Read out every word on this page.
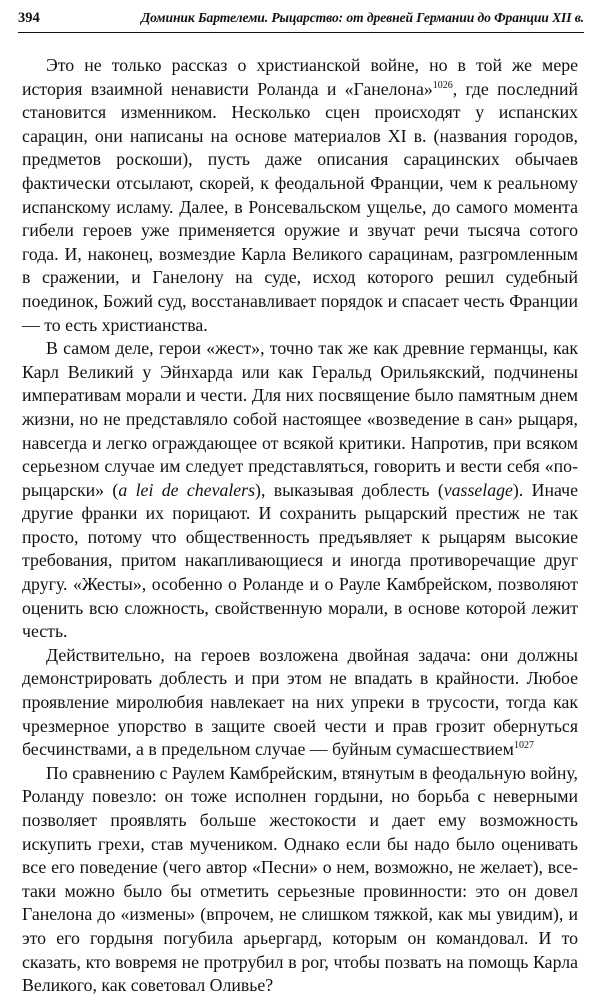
394	Доминик Бартелеми. Рыцарство: от древней Германии до Франции XII в.

Это не только рассказ о христианской войне, но в той же мере история взаимной ненависти Роланда и «Ганелона»$^{1026}$, где последний становится изменником. Несколько сцен происходят у испанских сарацин, они написаны на основе материалов XI в. (названия городов, предметов роскоши), пусть даже описания сарацинских обычаев фактически отсылают, скорей, к феодальной Франции, чем к реальному испанскому исламу. Далее, в Ронсевальском ущелье, до самого момента гибели героев уже применяется оружие и звучат речи тысяча сотого года. И, наконец, возмездие Карла Великого сарацинам, разгромленным в сражении, и Ганелону на суде, исход которого решил судебный поединок, Божий суд, восстанавливает порядок и спасает честь Франции — то есть христианства.

В самом деле, герои «жест», точно так же как древние германцы, как Карл Великий у Эйнхарда или как Геральд Орильякский, подчинены императивам морали и чести. Для них посвящение было памятным днем жизни, но не представляло собой настоящее «возведение в сан» рыцаря, навсегда и легко ограждающее от всякой критики. Напротив, при всяком серьезном случае им следует представляться, говорить и вести себя «по-рыцарски» (a lei de chevalers), выказывая доблесть (vasselage). Иначе другие франки их порицают. И сохранить рыцарский престиж не так просто, потому что общественность предъявляет к рыцарям высокие требования, притом накапливающиеся и иногда противоречащие друг другу. «Жесты», особенно о Роланде и о Рауле Камбрейском, позволяют оценить всю сложность, свойственную морали, в основе которой лежит честь.

Действительно, на героев возложена двойная задача: они должны демонстрировать доблесть и при этом не впадать в крайности. Любое проявление миролюбия навлекает на них упреки в трусости, тогда как чрезмерное упорство в защите своей чести и прав грозит обернуться бесчинствами, а в предельном случае — буйным сумасшествием$^{1027}$

По сравнению с Раулем Камбрейским, втянутым в феодальную войну, Роланду повезло: он тоже исполнен гордыни, но борьба с неверными позволяет проявлять больше жестокости и дает ему возможность искупить грехи, став мучеником. Однако если бы надо было оценивать все его поведение (чего автор «Песни» о нем, возможно, не желает), все-таки можно было бы отметить серьезные провинности: это он довел Ганелона до «измены» (впрочем, не слишком тяжкой, как мы увидим), и это его гордыня погубила арьергард, которым он командовал. И то сказать, кто вовремя не протрубил в рог, чтобы позвать на помощь Карла Великого, как советовал Оливье?
